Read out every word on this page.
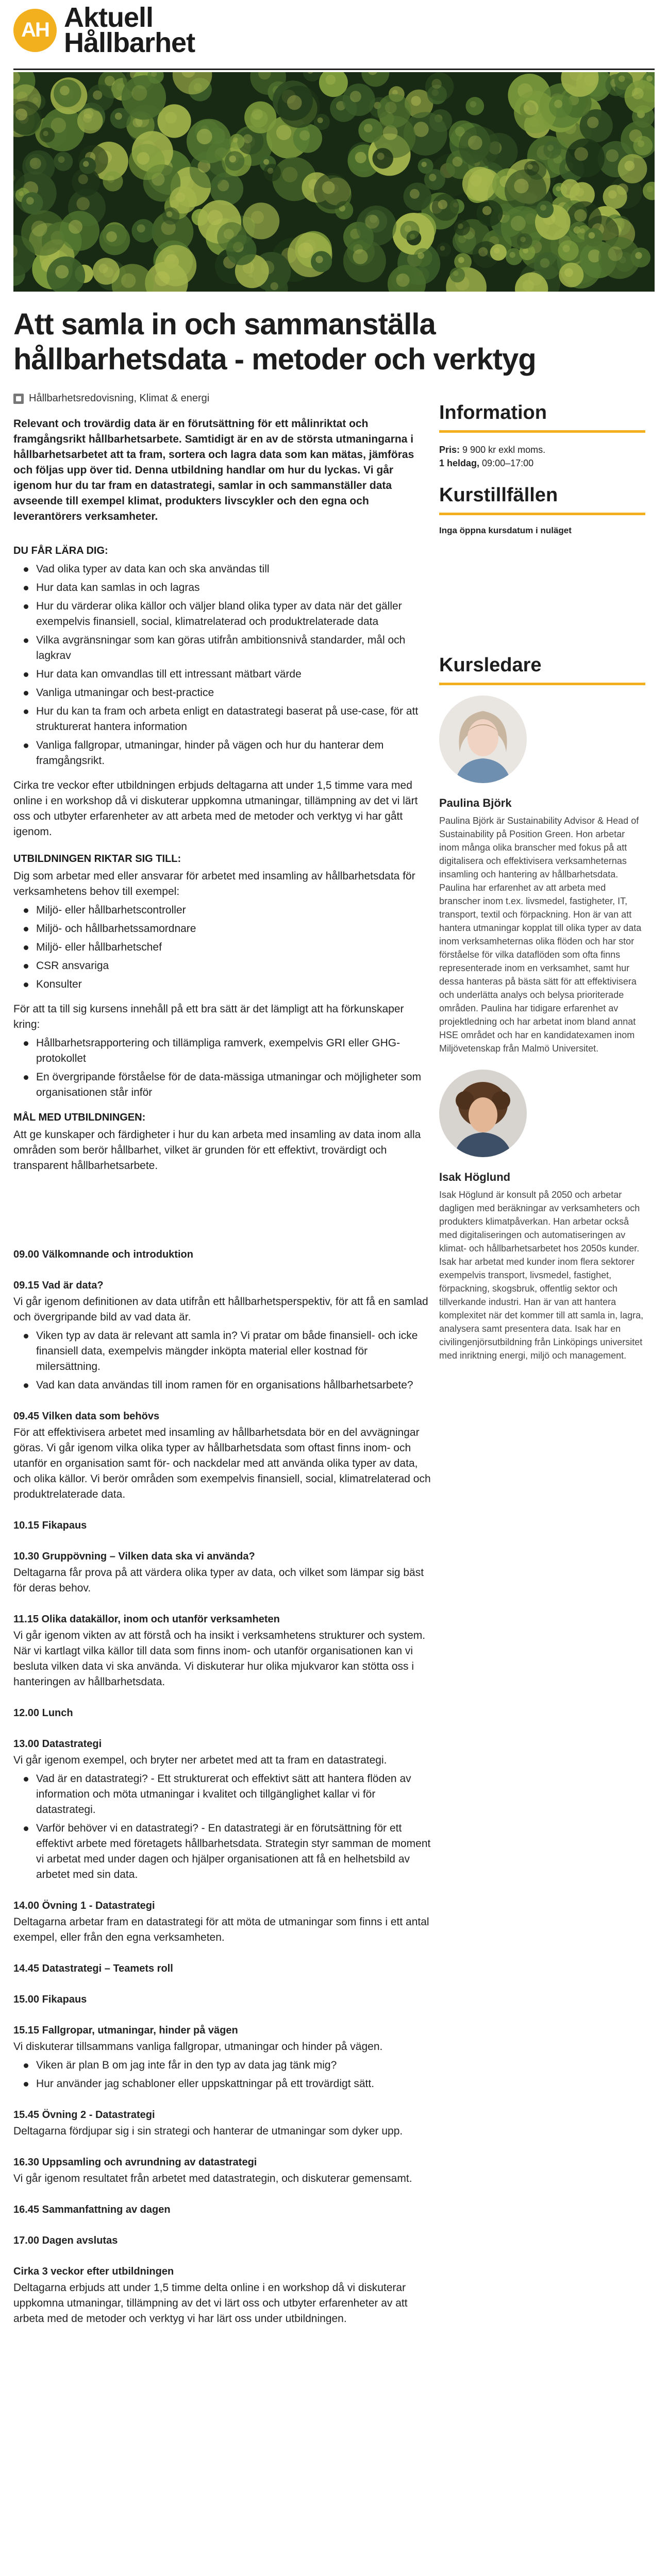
AH Aktuell
Hållbarhet
Att samla in och sammanställa hållbarhetsdata - metoder och verktyg
Hållbarhetsredovisning, Klimat & energi

Relevant och trovärdig data är en förutsättning för ett målinriktat och framgångsrikt hållbarhetsarbete. Samtidigt är en av de största utmaningarna i hållbarhetsarbetet att ta fram, sortera och lagra data som kan mätas, jämföras och följas upp över tid. Denna utbildning handlar om hur du lyckas. Vi går igenom hur du tar fram en datastrategi, samlar in och sammanställer data avseende till exempel klimat, produkters livscykler och den egna och leverantörers verksamheter.

DU FÅR LÄRA DIG:
Vad olika typer av data kan och ska användas till
Hur data kan samlas in och lagras
Hur du värderar olika källor och väljer bland olika typer av data när det gäller exempelvis finansiell, social, klimatrelaterad och produktrelaterade data
Vilka avgränsningar som kan göras utifrån ambitionsnivå standarder, mål och lagkrav
Hur data kan omvandlas till ett intressant mätbart värde
Vanliga utmaningar och best-practice
Hur du kan ta fram och arbeta enligt en datastrategi baserat på use-case, för att strukturerat hantera information
Vanliga fallgropar, utmaningar, hinder på vägen och hur du hanterar dem framgångsrikt.

Cirka tre veckor efter utbildningen erbjuds deltagarna att under 1,5 timme vara med online i en workshop då vi diskuterar uppkomna utmaningar, tillämpning av det vi lärt oss och utbyter erfarenheter av att arbeta med de metoder och verktyg vi har gått igenom.

UTBILDNINGEN RIKTAR SIG TILL:

Dig som arbetar med eller ansvarar för arbetet med insamling av hållbarhetsdata för verksamhetens behov till exempel:

Miljö- eller hållbarhetscontroller
Miljö- och hållbarhetssamordnare
Miljö- eller hållbarhetschef
CSR ansvariga
Konsulter

För att ta till sig kursens innehåll på ett bra sätt är det lämpligt att ha förkunskaper kring:

Hållbarhetsrapportering och tillämpliga ramverk, exempelvis GRI eller GHG-protokollet
En övergripande förståelse för de data-mässiga utmaningar och möjligheter som organisationen står inför
MÅL MED UTBILDNINGEN:

Att ge kunskaper och färdigheter i hur du kan arbeta med insamling av data inom alla områden som berör hållbarhet, vilket är grunden för ett effektivt, trovärdigt och transparent hållbarhetsarbete.

09.00 Välkomnande och introduktion
09.15 Vad är data?
Vi går igenom definitionen av data utifrån ett hållbarhetsperspektiv, för att få en samlad och övergripande bild av vad data är.
Viken typ av data är relevant att samla in? Vi pratar om både finansiell- och icke finansiell data, exempelvis mängder inköpta material eller kostnad för milersättning.
Vad kan data användas till inom ramen för en organisations hållbarhetsarbete?
09.45 Vilken data som behövs
För att effektivisera arbetet med insamling av hållbarhetsdata bör en del avvägningar göras. Vi går igenom vilka olika typer av hållbarhetsdata som oftast finns inom- och utanför en organisation samt för- och nackdelar med att använda olika typer av data, och olika källor. Vi berör områden som exempelvis finansiell, social, klimatrelaterad och produktrelaterade data.
10.15 Fikapaus
10.30 Gruppövning – Vilken data ska vi använda?
Deltagarna får prova på att värdera olika typer av data, och vilket som lämpar sig bäst för deras behov.
11.15 Olika datakällor, inom och utanför verksamheten
Vi går igenom vikten av att förstå och ha insikt i verksamhetens strukturer och system. När vi kartlagt vilka källor till data som finns inom- och utanför organisationen kan vi besluta vilken data vi ska använda. Vi diskuterar hur olika mjukvaror kan stötta oss i hanteringen av hållbarhetsdata.
12.00 Lunch
13.00 Datastrategi
Vi går igenom exempel, och bryter ner arbetet med att ta fram en datastrategi.
Vad är en datastrategi? - Ett strukturerat och effektivt sätt att hantera flöden av information och möta utmaningar i kvalitet och tillgänglighet kallar vi för datastrategi.
Varför behöver vi en datastrategi? - En datastrategi är en förutsättning för ett effektivt arbete med företagets hållbarhetsdata. Strategin styr samman de moment vi arbetat med under dagen och hjälper organisationen att få en helhetsbild av arbetet med sin data.
14.00 Övning 1 - Datastrategi
Deltagarna arbetar fram en datastrategi för att möta de utmaningar som finns i ett antal exempel, eller från den egna verksamheten.
14.45 Datastrategi – Teamets roll
15.00 Fikapaus
15.15 Fallgropar, utmaningar, hinder på vägen
Vi diskuterar tillsammans vanliga fallgropar, utmaningar och hinder på vägen.
Viken är plan B om jag inte får in den typ av data jag tänk mig?
Hur använder jag schabloner eller uppskattningar på ett trovärdigt sätt.
15.45 Övning 2 - Datastrategi
Deltagarna fördjupar sig i sin strategi och hanterar de utmaningar som dyker upp.
16.30 Uppsamling och avrundning av datastrategi
Vi går igenom resultatet från arbetet med datastrategin, och diskuterar gemensamt.
16.45 Sammanfattning av dagen
17.00 Dagen avslutas
Cirka 3 veckor efter utbildningen
Deltagarna erbjuds att under 1,5 timme delta online i en workshop då vi diskuterar uppkomna utmaningar, tillämpning av det vi lärt oss och utbyter erfarenheter av att arbeta med de metoder och verktyg vi har lärt oss under utbildningen.
Information
Pris: 9 900 kr exkl moms.
1 heldag, 09:00–17:00
Kurstillfällen
Inga öppna kursdatum i nuläget
Kursledare
Paulina Björk
Paulina Björk är Sustainability Advisor & Head of Sustainability på Position Green. Hon arbetar inom många olika branscher med fokus på att digitalisera och effektivisera verksamheternas insamling och hantering av hållbarhetsdata. Paulina har erfarenhet av att arbeta med branscher inom t.ex. livsmedel, fastigheter, IT, transport, textil och förpackning. Hon är van att hantera utmaningar kopplat till olika typer av data inom verksamheternas olika flöden och har stor förståelse för vilka dataflöden som ofta finns representerade inom en verksamhet, samt hur dessa hanteras på bästa sätt för att effektivisera och underlätta analys och belysa prioriterade områden. Paulina har tidigare erfarenhet av projektledning och har arbetat inom bland annat HSE området och har en kandidatexamen inom Miljövetenskap från Malmö Universitet.
Isak Höglund
Isak Höglund är konsult på 2050 och arbetar dagligen med beräkningar av verksamheters och produkters klimatpåverkan. Han arbetar också med digitaliseringen och automatiseringen av klimat- och hållbarhetsarbetet hos 2050s kunder. Isak har arbetat med kunder inom flera sektorer exempelvis transport, livsmedel, fastighet, förpackning, skogsbruk, offentlig sektor och tillverkande industri. Han är van att hantera komplexitet när det kommer till att samla in, lagra, analysera samt presentera data. Isak har en civilingenjörsutbildning från Linköpings universitet med inriktning energi, miljö och management.
